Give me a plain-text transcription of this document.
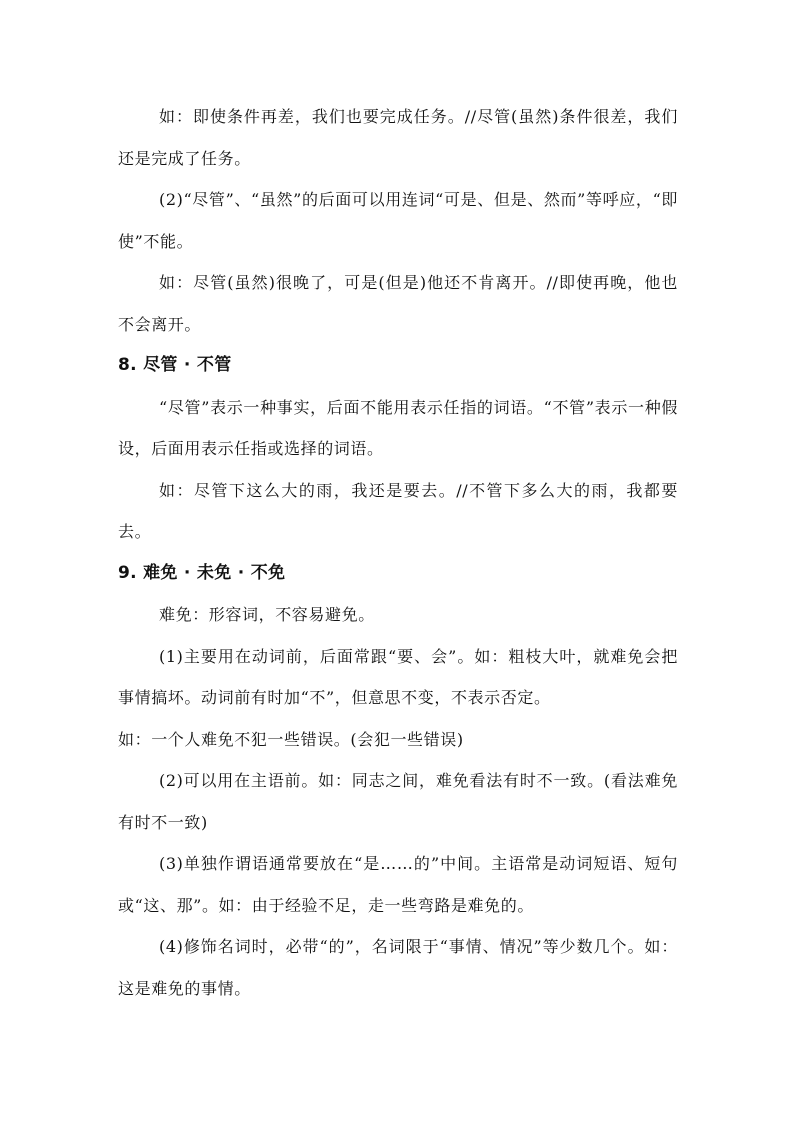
如：即使条件再差，我们也要完成任务。//尽管(虽然)条件很差，我们还是完成了任务。

(2)“尽管”、“虽然”的后面可以用连词“可是、但是、然而”等呼应，“即使”不能。

如：尽管(虽然)很晚了，可是(但是)他还不肯离开。//即使再晚，他也不会离开。

8. 尽管 · 不管

“尽管”表示一种事实，后面不能用表示任指的词语。“不管”表示一种假设，后面用表示任指或选择的词语。

如：尽管下这么大的雨，我还是要去。//不管下多么大的雨，我都要去。

9. 难免 · 未免 · 不免

难免：形容词，不容易避免。

(1)主要用在动词前，后面常跟“要、会”。如：粗枝大叶，就难免会把事情搞坏。动词前有时加“不”，但意思不变，不表示否定。

如：一个人难免不犯一些错误。(会犯一些错误)

(2)可以用在主语前。如：同志之间，难免看法有时不一致。(看法难免有时不一致)

(3)单独作谓语通常要放在“是……的”中间。主语常是动词短语、短句或“这、那”。如：由于经验不足，走一些弯路是难免的。

(4)修饰名词时，必带“的”，名词限于“事情、情况”等少数几个。如：这是难免的事情。
